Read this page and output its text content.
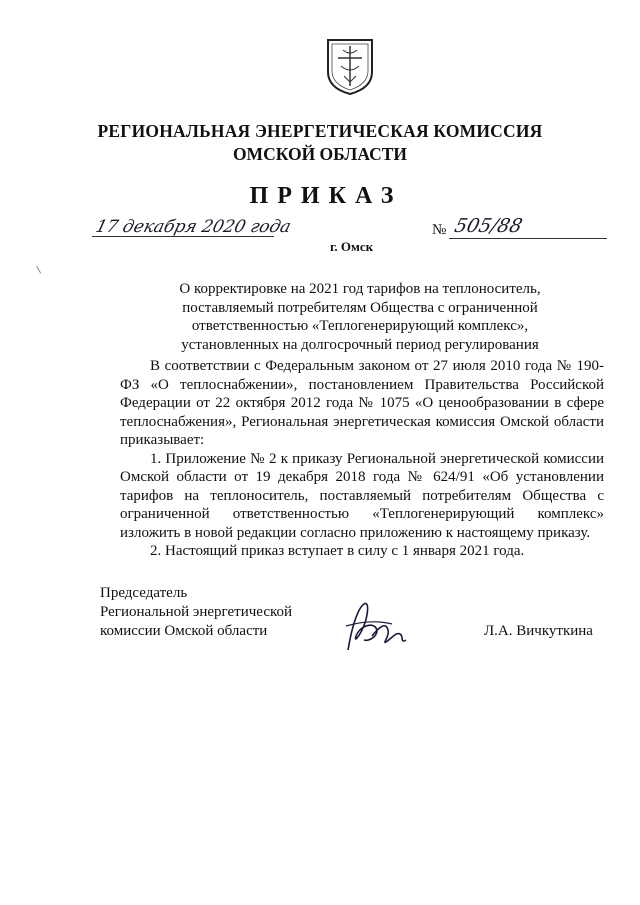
РЕГИОНАЛЬНАЯ ЭНЕРГЕТИЧЕСКАЯ КОМИССИЯ
ОМСКОЙ ОБЛАСТИ
ПРИКАЗ
17 декабря 2020 года	№ 505/88
г. Омск
О корректировке на 2021 год тарифов на теплоноситель,
поставляемый потребителям Общества с ограниченной
ответственностью «Теплогенерирующий комплекс»,
установленных на долгосрочный период регулирования

В соответствии с Федеральным законом от 27 июля 2010 года № 190-ФЗ «О теплоснабжении», постановлением Правительства Российской Федерации от 22 октября 2012 года № 1075 «О ценообразовании в сфере теплоснабжения», Региональная энергетическая комиссия Омской области приказывает:

1. Приложение № 2 к приказу Региональной энергетической комиссии Омской области от 19 декабря 2018 года № 624/91 «Об установлении тарифов на теплоноситель, поставляемый потребителям Общества с ограниченной ответственностью «Теплогенерирующий комплекс» изложить в новой редакции согласно приложению к настоящему приказу.

2. Настоящий приказ вступает в силу с 1 января 2021 года.

Председатель
Региональной энергетической
комиссии Омской области	Л.А. Вичкуткина
